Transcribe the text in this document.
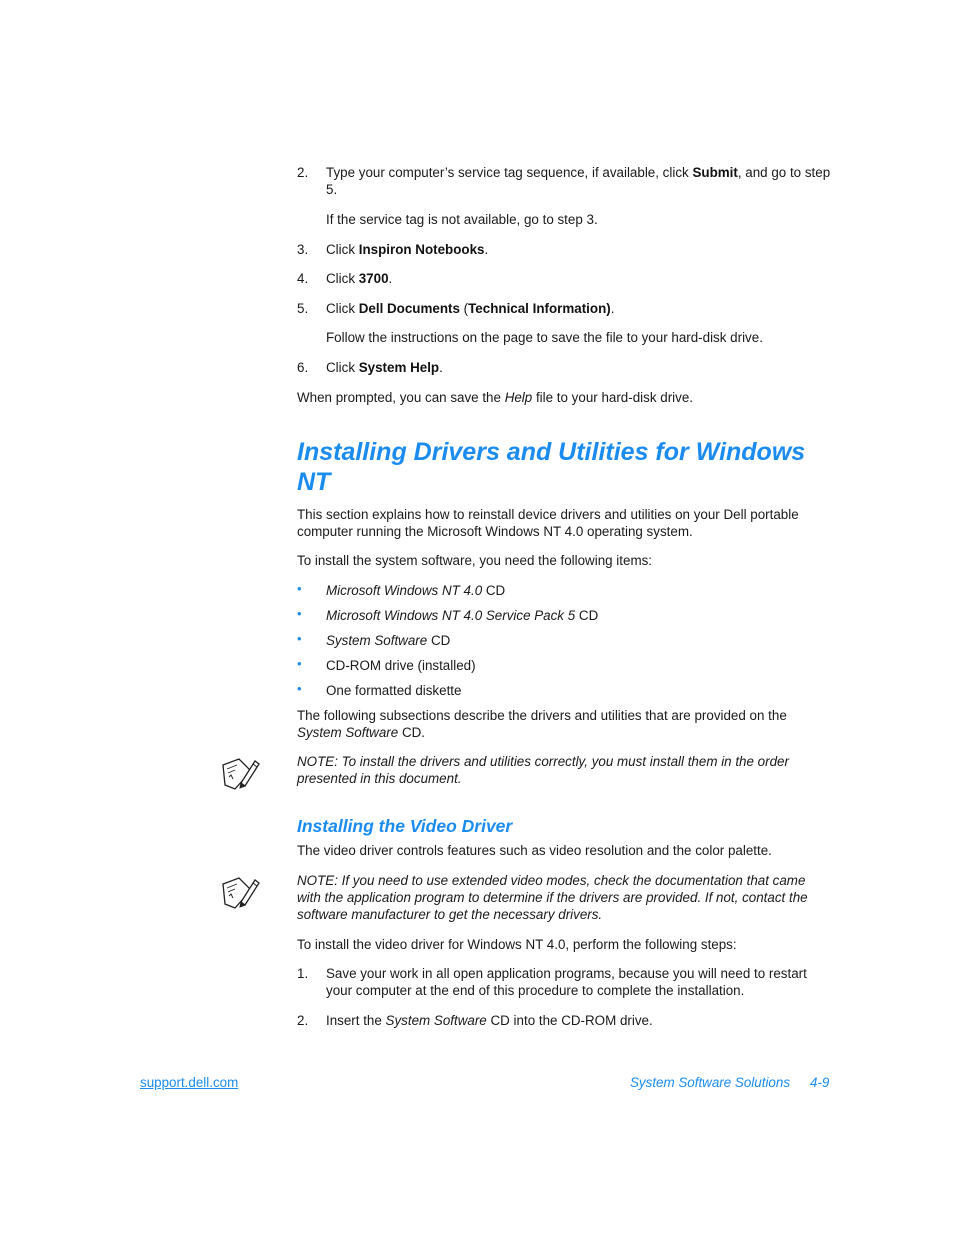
2. Type your computer’s service tag sequence, if available, click Submit, and go to step 5.
If the service tag is not available, go to step 3.
3. Click Inspiron Notebooks.
4. Click 3700.
5. Click Dell Documents (Technical Information).
Follow the instructions on the page to save the file to your hard-disk drive.
6. Click System Help.
When prompted, you can save the Help file to your hard-disk drive.
Installing Drivers and Utilities for Windows NT
This section explains how to reinstall device drivers and utilities on your Dell portable computer running the Microsoft Windows NT 4.0 operating system.
To install the system software, you need the following items:
• Microsoft Windows NT 4.0 CD
• Microsoft Windows NT 4.0 Service Pack 5 CD
• System Software CD
• CD-ROM drive (installed)
• One formatted diskette
The following subsections describe the drivers and utilities that are provided on the System Software CD.
NOTE: To install the drivers and utilities correctly, you must install them in the order presented in this document.
Installing the Video Driver
The video driver controls features such as video resolution and the color palette.
NOTE: If you need to use extended video modes, check the documentation that came with the application program to determine if the drivers are provided. If not, contact the software manufacturer to get the necessary drivers.
To install the video driver for Windows NT 4.0, perform the following steps:
1. Save your work in all open application programs, because you will need to restart your computer at the end of this procedure to complete the installation.
2. Insert the System Software CD into the CD-ROM drive.
support.dell.com	System Software Solutions 4-9
